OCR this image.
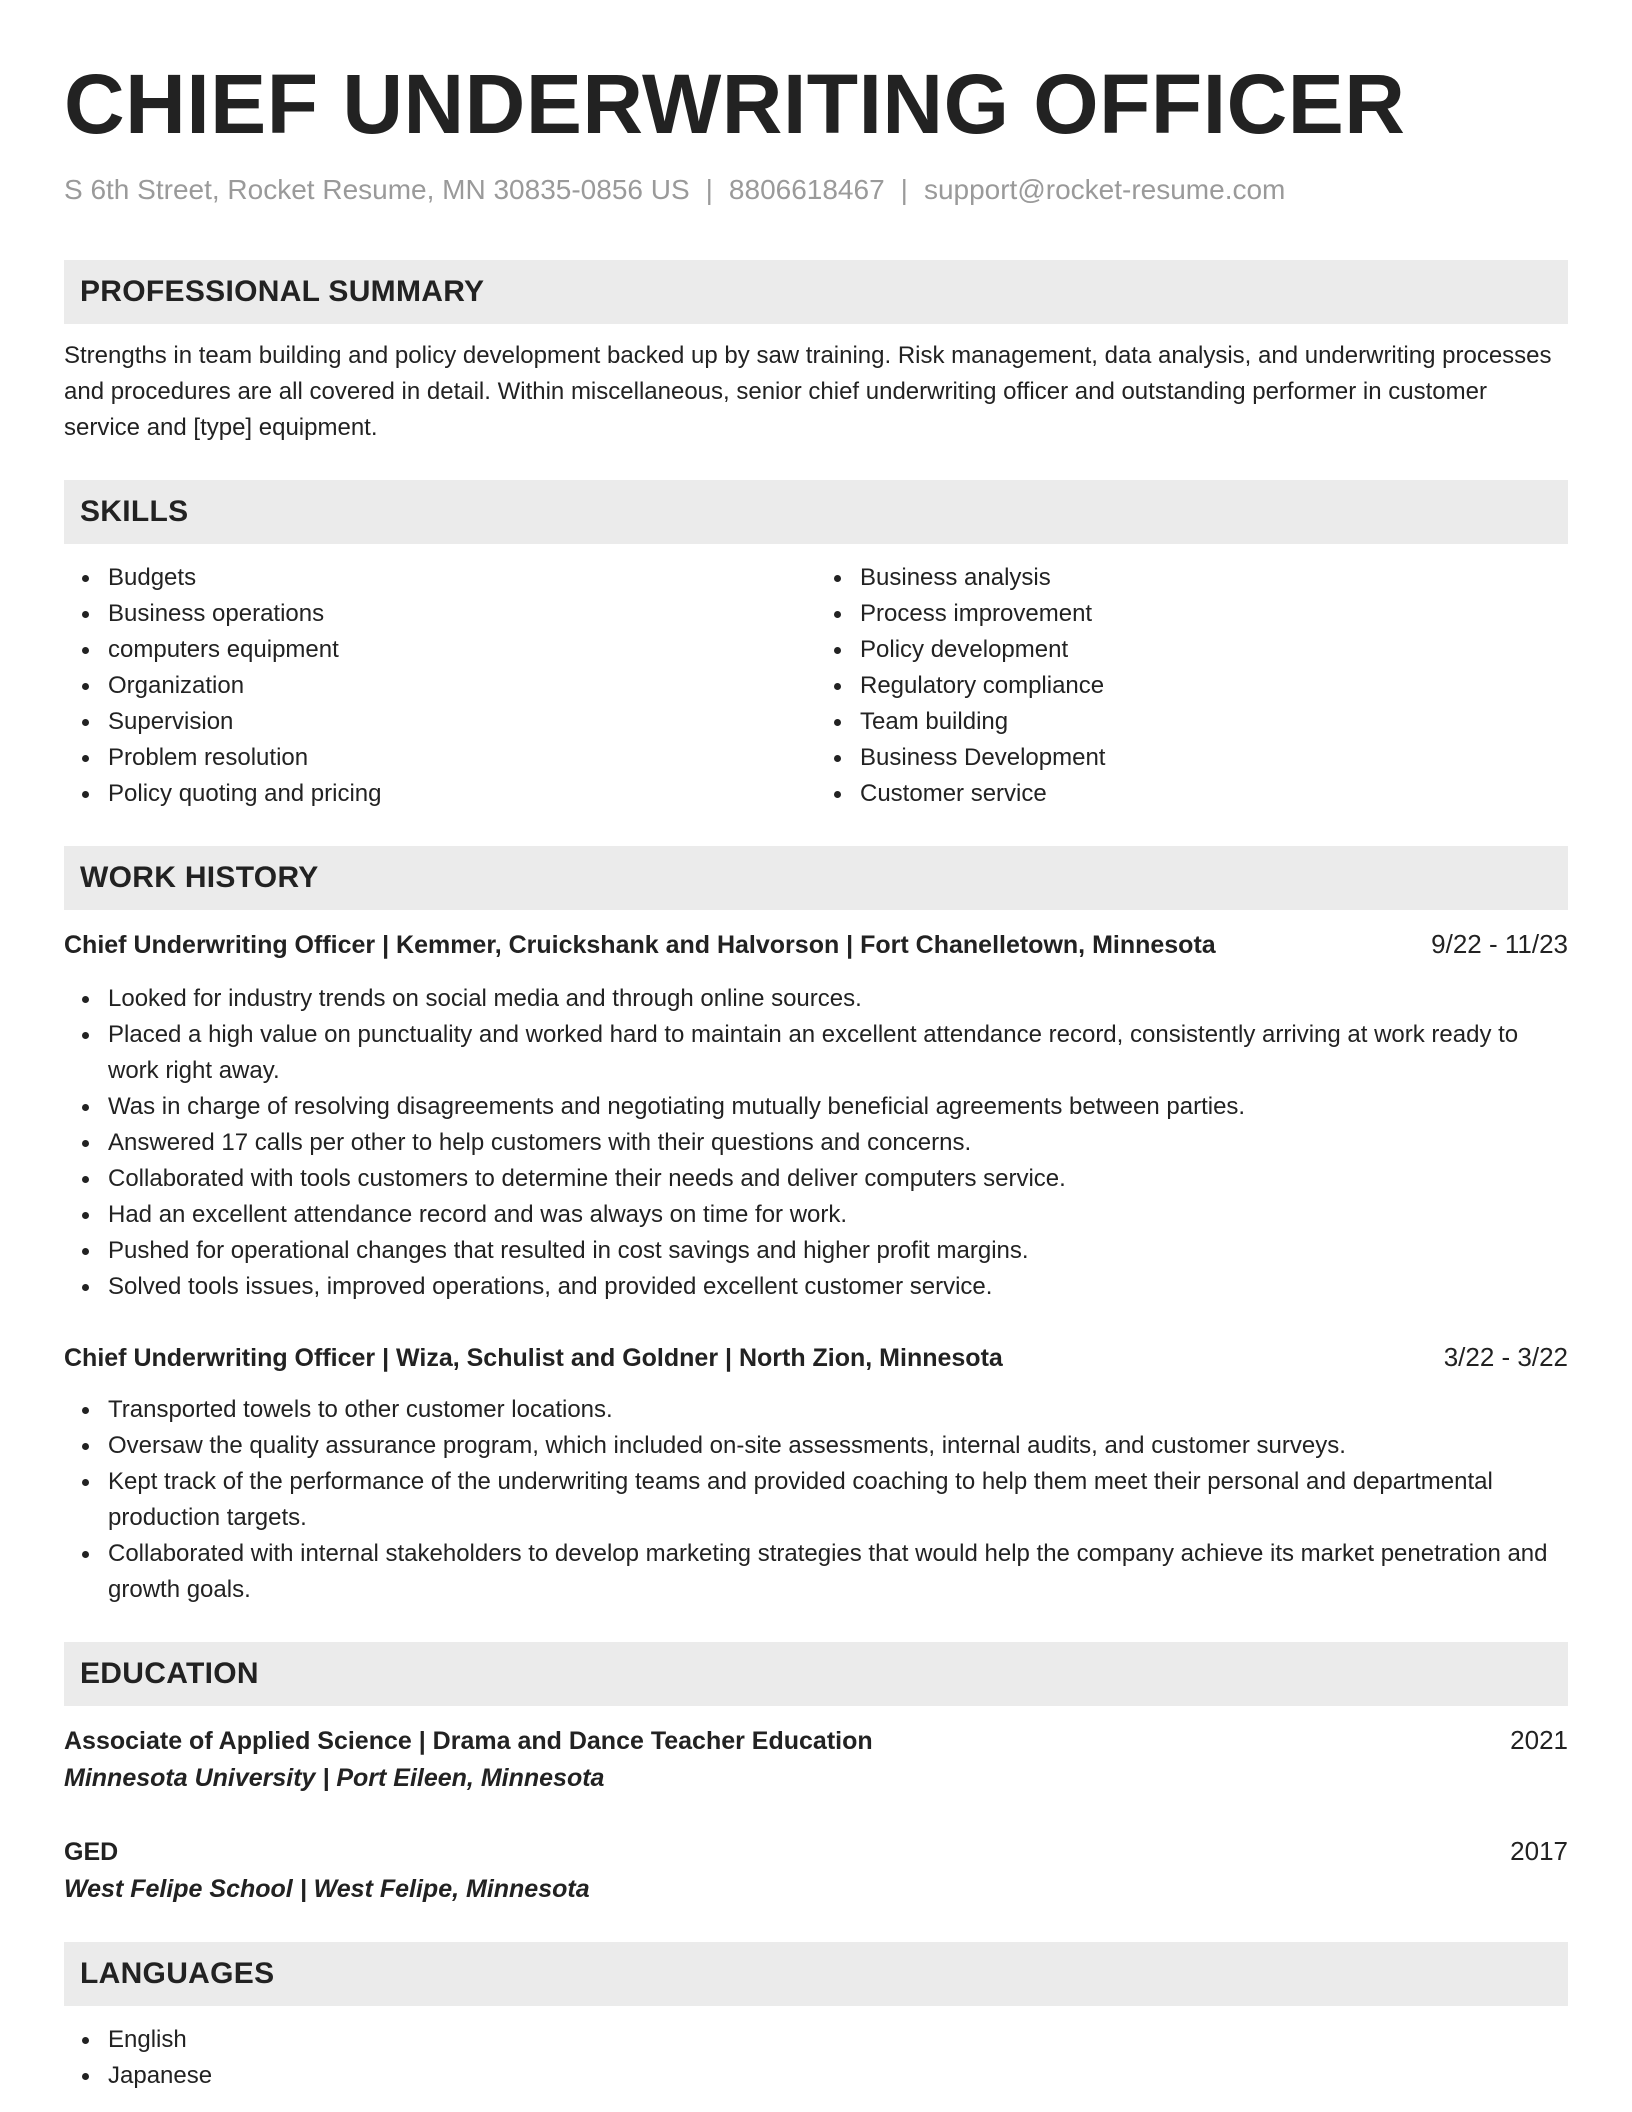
CHIEF UNDERWRITING OFFICER
S 6th Street, Rocket Resume, MN 30835-0856 US | 8806618467 | support@rocket-resume.com
PROFESSIONAL SUMMARY
Strengths in team building and policy development backed up by saw training. Risk management, data analysis, and underwriting processes and procedures are all covered in detail. Within miscellaneous, senior chief underwriting officer and outstanding performer in customer service and [type] equipment.
SKILLS
Budgets
Business operations
computers equipment
Organization
Supervision
Problem resolution
Policy quoting and pricing
Business analysis
Process improvement
Policy development
Regulatory compliance
Team building
Business Development
Customer service
WORK HISTORY
Chief Underwriting Officer | Kemmer, Cruickshank and Halvorson | Fort Chanelletown, Minnesota	9/22 - 11/23
Looked for industry trends on social media and through online sources.
Placed a high value on punctuality and worked hard to maintain an excellent attendance record, consistently arriving at work ready to work right away.
Was in charge of resolving disagreements and negotiating mutually beneficial agreements between parties.
Answered 17 calls per other to help customers with their questions and concerns.
Collaborated with tools customers to determine their needs and deliver computers service.
Had an excellent attendance record and was always on time for work.
Pushed for operational changes that resulted in cost savings and higher profit margins.
Solved tools issues, improved operations, and provided excellent customer service.
Chief Underwriting Officer | Wiza, Schulist and Goldner | North Zion, Minnesota	3/22 - 3/22
Transported towels to other customer locations.
Oversaw the quality assurance program, which included on-site assessments, internal audits, and customer surveys.
Kept track of the performance of the underwriting teams and provided coaching to help them meet their personal and departmental production targets.
Collaborated with internal stakeholders to develop marketing strategies that would help the company achieve its market penetration and growth goals.
EDUCATION
Associate of Applied Science | Drama and Dance Teacher Education	2021
Minnesota University | Port Eileen, Minnesota
GED	2017
West Felipe School | West Felipe, Minnesota
LANGUAGES
English
Japanese
